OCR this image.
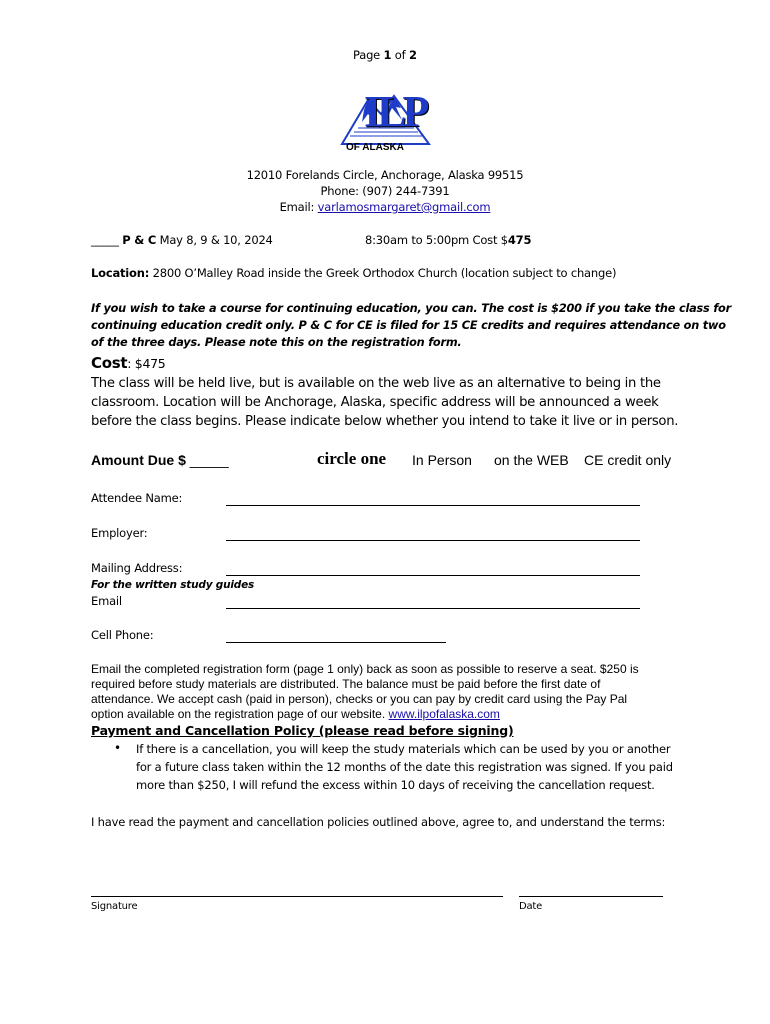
Page 1 of 2
ILP
OF ALASKA
12010 Forelands Circle, Anchorage, Alaska 99515
Phone: (907) 244-7391
Email: varlamosmargaret@gmail.com
_____ P & C May 8, 9 & 10, 2024	8:30am to 5:00pm Cost $475
Location: 2800 O’Malley Road inside the Greek Orthodox Church (location subject to change)
If you wish to take a course for continuing education, you can. The cost is $200 if you take the class for
continuing education credit only. P & C for CE is filed for 15 CE credits and requires attendance on two
of the three days. Please note this on the registration form.
Cost: $475
The class will be held live, but is available on the web live as an alternative to being in the
classroom. Location will be Anchorage, Alaska, specific address will be announced a week
before the class begins. Please indicate below whether you intend to take it live or in person.
Amount Due $ _____	circle one In Person on the WEB CE credit only
Attendee Name:
Employer:
Mailing Address:
For the written study guides
Email
Cell Phone:
Email the completed registration form (page 1 only) back as soon as possible to reserve a seat. $250 is
required before study materials are distributed. The balance must be paid before the first date of
attendance. We accept cash (paid in person), checks or you can pay by credit card using the Pay Pal
option available on the registration page of our website. www.ilpofalaska.com
Payment and Cancellation Policy (please read before signing)
• If there is a cancellation, you will keep the study materials which can be used by you or another
for a future class taken within the 12 months of the date this registration was signed. If you paid
more than $250, I will refund the excess within 10 days of receiving the cancellation request.
I have read the payment and cancellation policies outlined above, agree to, and understand the terms:
Signature	Date
